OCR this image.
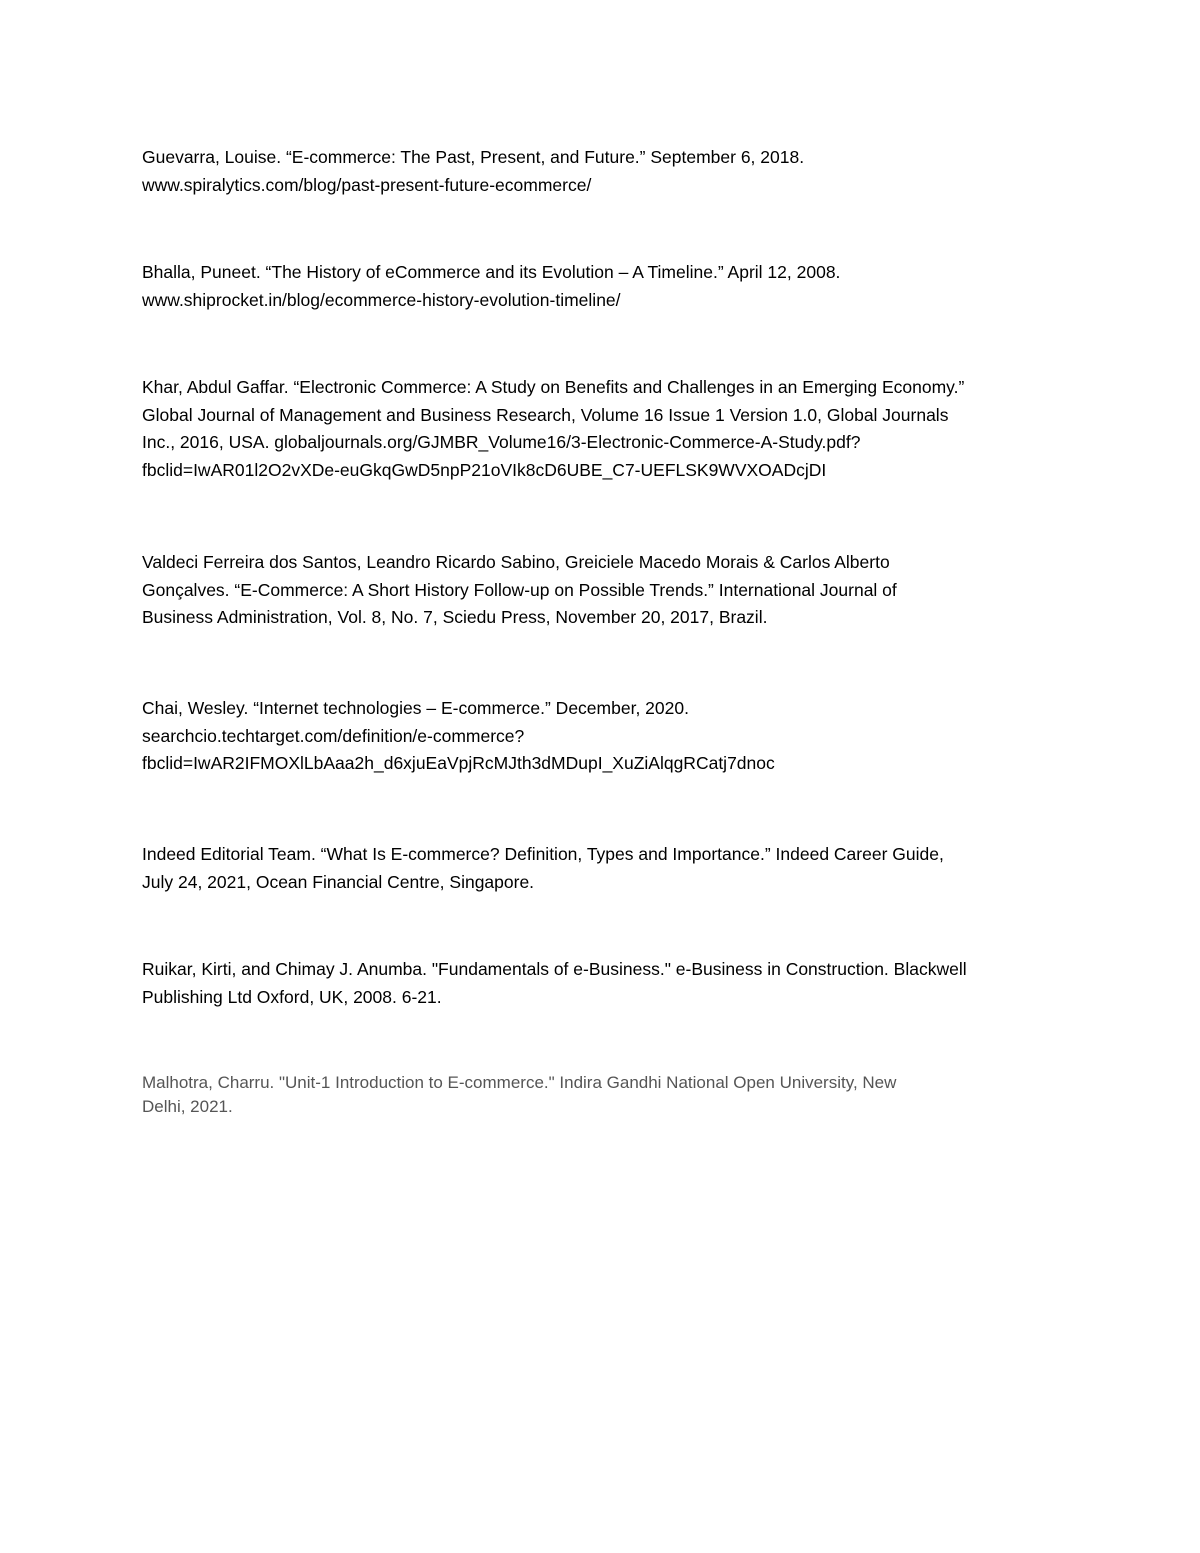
Guevarra, Louise. “E-commerce: The Past, Present, and Future.” September 6, 2018.
www.spiralytics.com/blog/past-present-future-ecommerce/

Bhalla, Puneet. “The History of eCommerce and its Evolution – A Timeline.” April 12, 2008.
www.shiprocket.in/blog/ecommerce-history-evolution-timeline/

Khar, Abdul Gaffar. “Electronic Commerce: A Study on Benefits and Challenges in an Emerging Economy.”
Global Journal of Management and Business Research, Volume 16 Issue 1 Version 1.0, Global Journals
Inc., 2016, USA. globaljournals.org/GJMBR_Volume16/3-Electronic-Commerce-A-Study.pdf?
fbclid=IwAR01l2O2vXDe-euGkqGwD5npP21oVIk8cD6UBE_C7-UEFLSK9WVXOADcjDI

Valdeci Ferreira dos Santos, Leandro Ricardo Sabino, Greiciele Macedo Morais & Carlos Alberto
Gonçalves. “E-Commerce: A Short History Follow-up on Possible Trends.” International Journal of
Business Administration, Vol. 8, No. 7, Sciedu Press, November 20, 2017, Brazil.

Chai, Wesley. “Internet technologies – E-commerce.” December, 2020.
searchcio.techtarget.com/definition/e-commerce?
fbclid=IwAR2IFMOXlLbAaa2h_d6xjuEaVpjRcMJth3dMDupI_XuZiAlqgRCatj7dnoc

Indeed Editorial Team. “What Is E-commerce? Definition, Types and Importance.” Indeed Career Guide,
July 24, 2021, Ocean Financial Centre, Singapore.

Ruikar, Kirti, and Chimay J. Anumba. "Fundamentals of e-Business." e-Business in Construction. Blackwell
Publishing Ltd Oxford, UK, 2008. 6-21.

Malhotra, Charru. "Unit-1 Introduction to E-commerce." Indira Gandhi National Open University, New
Delhi, 2021.
